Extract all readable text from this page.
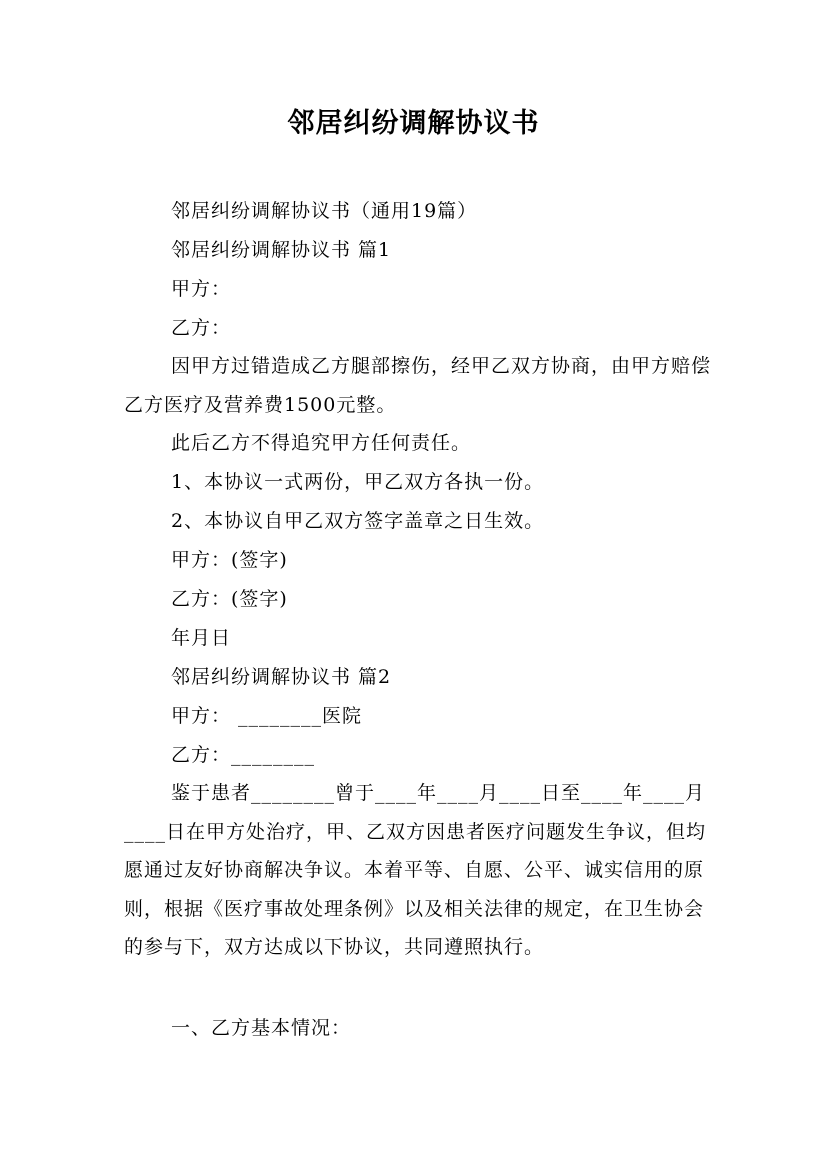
邻居纠纷调解协议书
邻居纠纷调解协议书（通用19篇）
邻居纠纷调解协议书 篇1
甲方：
乙方：
因甲方过错造成乙方腿部擦伤，经甲乙双方协商，由甲方赔偿乙方医疗及营养费1500元整。
此后乙方不得追究甲方任何责任。
1、本协议一式两份，甲乙双方各执一份。
2、本协议自甲乙双方签字盖章之日生效。
甲方：(签字)
乙方：(签字)
年月日
邻居纠纷调解协议书 篇2
甲方： ________医院
乙方：________
鉴于患者________曾于____年____月____日至____年____月____日在甲方处治疗，甲、乙双方因患者医疗问题发生争议，但均愿通过友好协商解决争议。本着平等、自愿、公平、诚实信用的原则，根据《医疗事故处理条例》以及相关法律的规定，在卫生协会的参与下，双方达成以下协议，共同遵照执行。
一、乙方基本情况：
